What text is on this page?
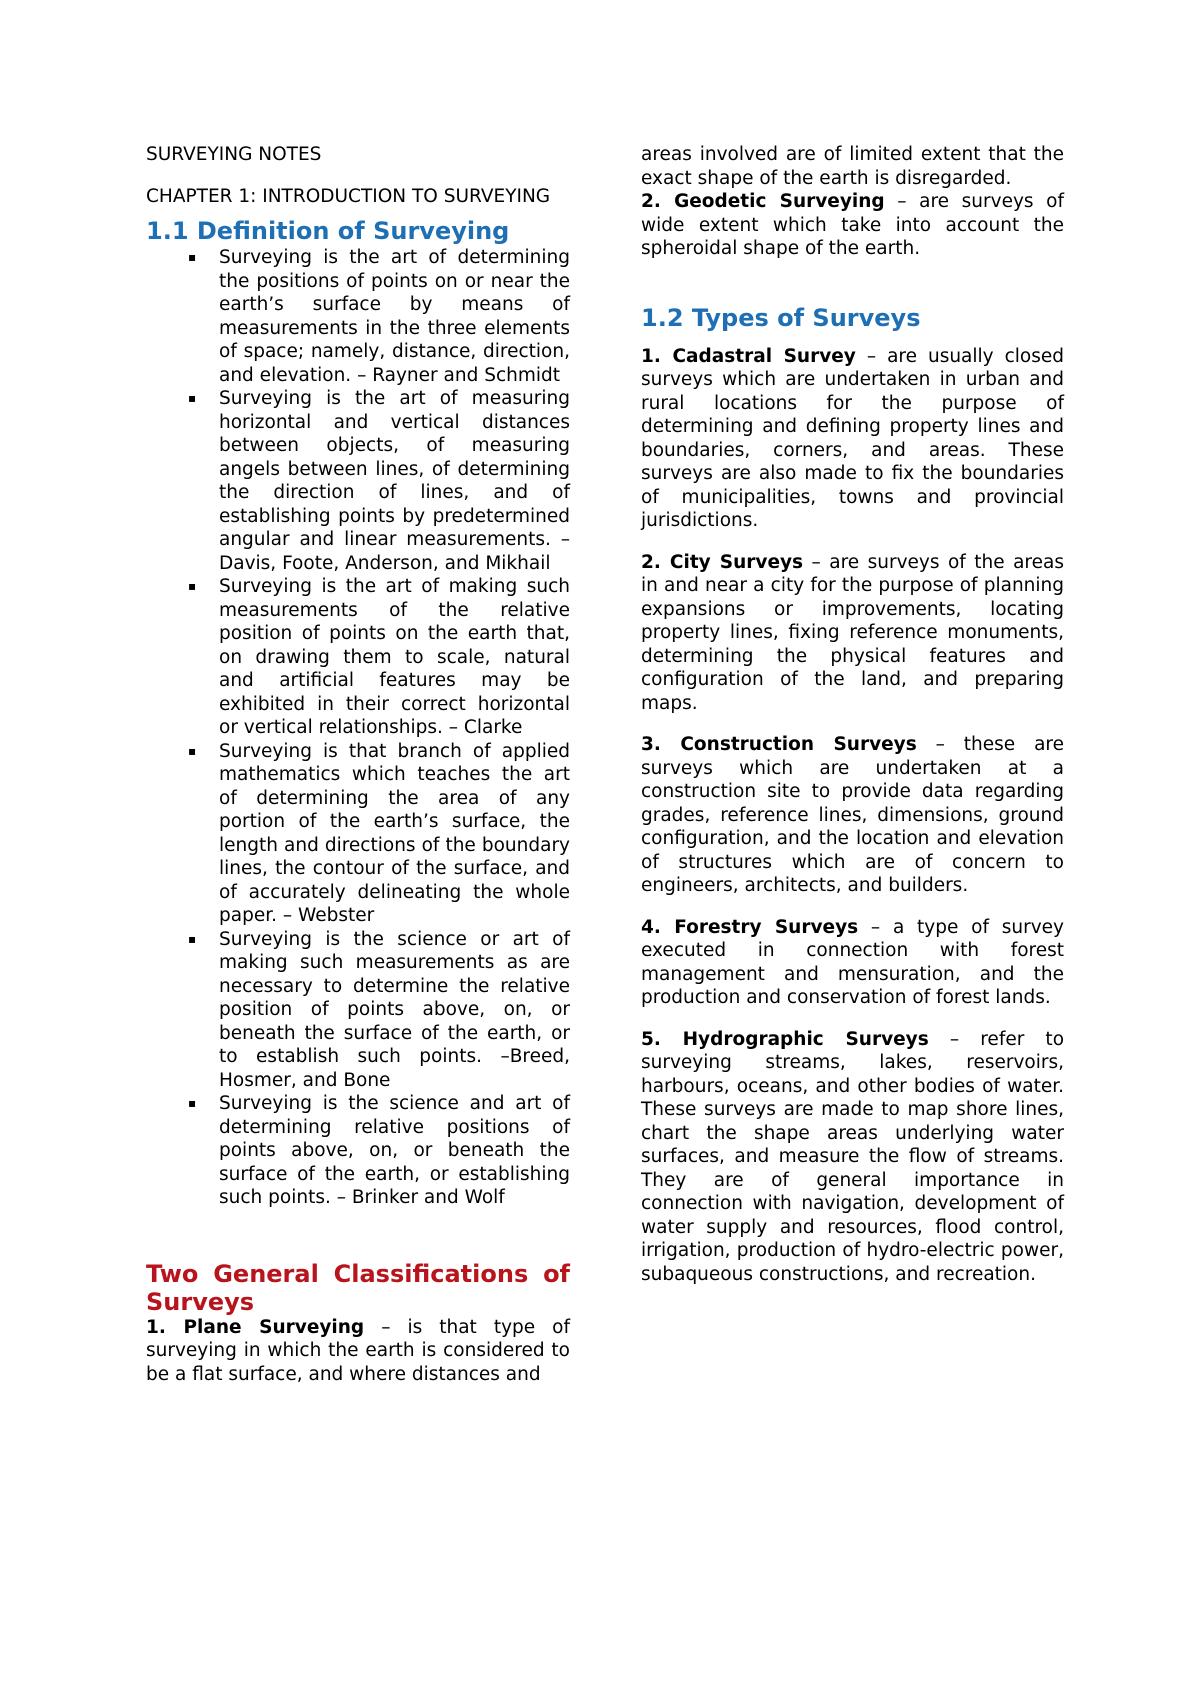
SURVEYING NOTES

CHAPTER 1: INTRODUCTION TO SURVEYING

1.1 Definition of Surveying
▪ Surveying is the art of determining the positions of points on or near the earth’s surface by means of measurements in the three elements of space; namely, distance, direction, and elevation. – Rayner and Schmidt
▪ Surveying is the art of measuring horizontal and vertical distances between objects, of measuring angels between lines, of determining the direction of lines, and of establishing points by predetermined angular and linear measurements. – Davis, Foote, Anderson, and Mikhail
▪ Surveying is the art of making such measurements of the relative position of points on the earth that, on drawing them to scale, natural and artificial features may be exhibited in their correct horizontal or vertical relationships. – Clarke
▪ Surveying is that branch of applied mathematics which teaches the art of determining the area of any portion of the earth’s surface, the length and directions of the boundary lines, the contour of the surface, and of accurately delineating the whole paper. – Webster
▪ Surveying is the science or art of making such measurements as are necessary to determine the relative position of points above, on, or beneath the surface of the earth, or to establish such points. –Breed, Hosmer, and Bone
▪ Surveying is the science and art of determining relative positions of points above, on, or beneath the surface of the earth, or establishing such points. – Brinker and Wolf
Two General Classifications of Surveys

1. Plane Surveying – is that type of surveying in which the earth is considered to be a flat surface, and where distances and

areas involved are of limited extent that the exact shape of the earth is disregarded.

2. Geodetic Surveying – are surveys of wide extent which take into account the spheroidal shape of the earth.

1.2 Types of Surveys

1. Cadastral Survey – are usually closed surveys which are undertaken in urban and rural locations for the purpose of determining and defining property lines and boundaries, corners, and areas. These surveys are also made to fix the boundaries of municipalities, towns and provincial jurisdictions.

2. City Surveys – are surveys of the areas in and near a city for the purpose of planning expansions or improvements, locating property lines, fixing reference monuments, determining the physical features and configuration of the land, and preparing maps.

3. Construction Surveys – these are surveys which are undertaken at a construction site to provide data regarding grades, reference lines, dimensions, ground configuration, and the location and elevation of structures which are of concern to engineers, architects, and builders.

4. Forestry Surveys – a type of survey executed in connection with forest management and mensuration, and the production and conservation of forest lands.

5. Hydrographic Surveys – refer to surveying streams, lakes, reservoirs, harbours, oceans, and other bodies of water. These surveys are made to map shore lines, chart the shape areas underlying water surfaces, and measure the flow of streams. They are of general importance in connection with navigation, development of water supply and resources, flood control, irrigation, production of hydro-electric power, subaqueous constructions, and recreation.
